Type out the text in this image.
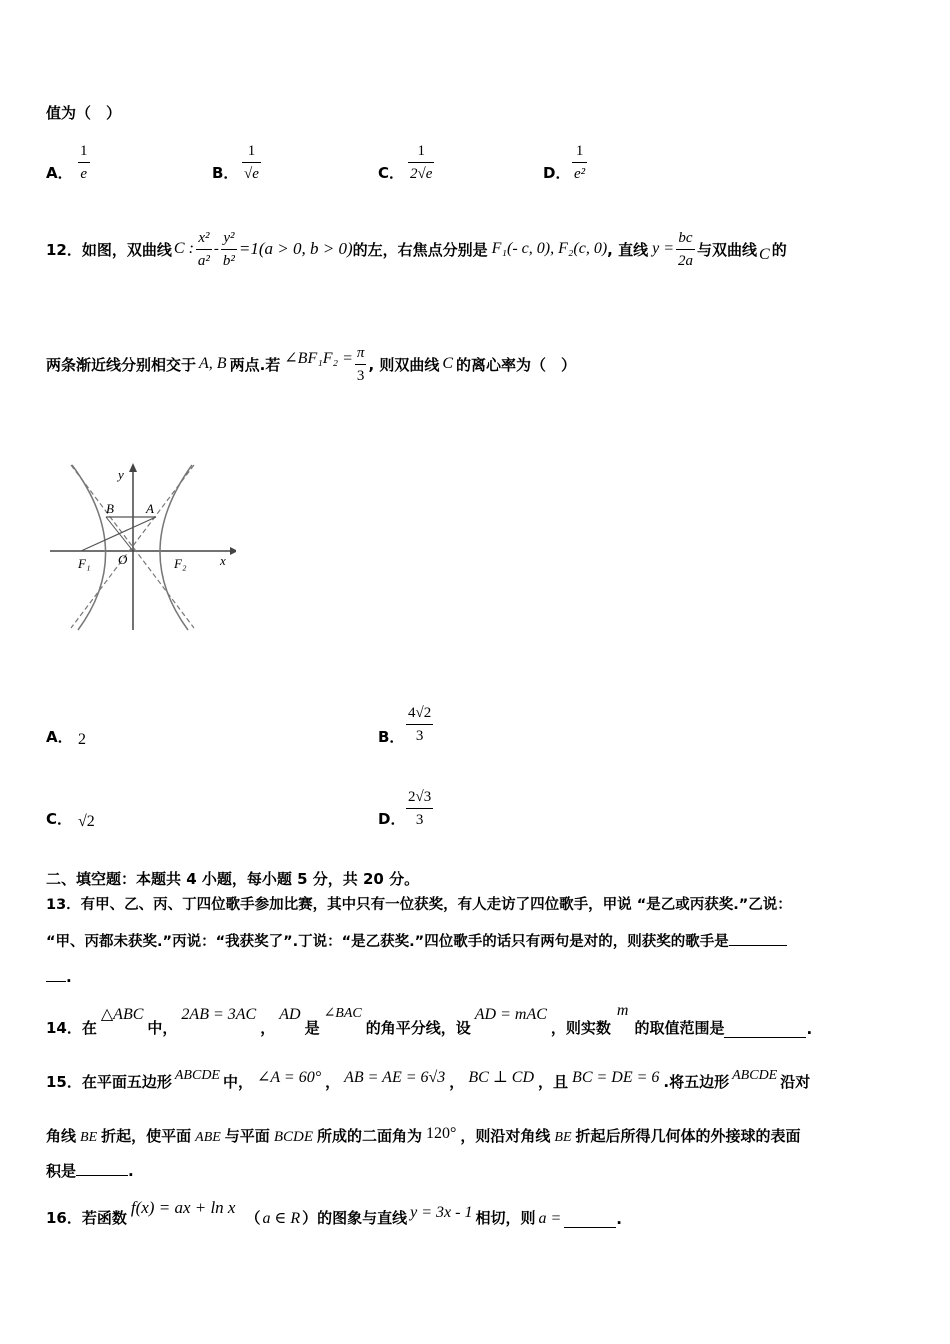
值为（　）
A． $\frac{1}{e}$	B． $\frac{1}{√e}$	C． $\frac{1}{2√e}$	D． $\frac{1}{\text{e²}}$
12． 如图，双曲线 C : $\frac{\text{x²}}{\text{a²}} - \frac{\text{y²}}{\text{b²}} =1(a > 0$, b > 0) 的左，右焦点分别是 F₁(- c, 0), F₂(c, 0) , 直线 $y = \frac{bc}{2a}$ 与双曲线 C 的
两条渐近线分别相交于 A, B 两点.若 ∠BF₁F₂ = $\frac{\pi}{3}$ , 则双曲线 C 的离心率为（　）
y
B A
O
F₁	F₂	x
A． 2	B． $\frac{4√2}{3}$
C． √2	D． $\frac{2√3}{3}$
二、填空题：本题共 4 小题，每小题 5 分，共 20 分。
13．有甲、乙、丙、丁四位歌手参加比赛，其中只有一位获奖，有人走访了四位歌手，甲说 “是乙或丙获奖.”乙说：
“甲、丙都未获奖.”丙说：“我获奖了”.丁说：“是乙获奖.”四位歌手的话只有两句是对的，则获奖的歌手是
.
14．在
△ABC
中，
2AB = 3AC
，
AD
是
∠BAC
的角平分线，设
AD = mAC
，则实数
m
的取值范围是	.
15．在平面五边形 ABCDE 中， ∠A = 60° ， AB = AE = 6√3 ， BC ⊥ CD ，且 BC = DE = 6 .将五边形 ABCDE 沿对
角线 BE 折起，使平面 ABE 与平面 BCDE 所成的二面角为 120° ，则沿对角线 BE 折起后所得几何体的外接球的表面
积是	.
16．若函数
f(x) = ax + ln x
（ a ∈ R ）的图象与直线 y = 3x - 1 相切，则 a =	.
